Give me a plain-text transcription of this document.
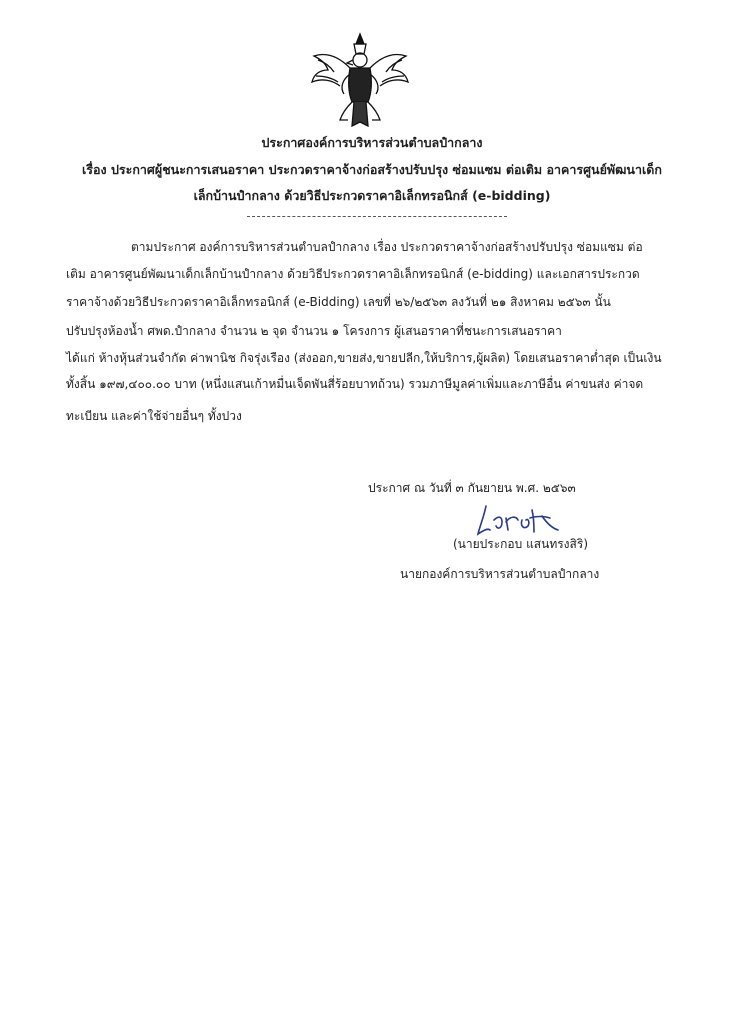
ประกาศองค์การบริหารส่วนตำบลปำกลาง
เรื่อง ประกาศผู้ชนะการเสนอราคา ประกวดราคาจ้างก่อสร้างปรับปรุง ซ่อมแซม ต่อเติม อาคารศูนย์พัฒนาเด็ก
เล็กบ้านปำกลาง ด้วยวิธีประกวดราคาอิเล็กทรอนิกส์ (e-bidding)
ตามประกาศ องค์การบริหารส่วนตำบลปำกลาง เรื่อง ประกวดราคาจ้างก่อสร้างปรับปรุง ซ่อมแซม ต่อ
เติม อาคารศูนย์พัฒนาเด็กเล็กบ้านปำกลาง ด้วยวิธีประกวดราคาอิเล็กทรอนิกส์ (e-bidding) และเอกสารประกวด
ราคาจ้างด้วยวิธีประกวดราคาอิเล็กทรอนิกส์ (e-Bidding) เลขที่ ๒๖/๒๕๖๓ ลงวันที่ ๒๑ สิงหาคม ๒๕๖๓ นั้น
ปรับปรุงห้องน้ำ ศพด.ปำกลาง จำนวน ๒ จุด จำนวน ๑ โครงการ ผู้เสนอราคาที่ชนะการเสนอราคา
ได้แก่ ห้างหุ้นส่วนจำกัด ค่าพานิช กิจรุ่งเรือง (ส่งออก,ขายส่ง,ขายปลีก,ให้บริการ,ผู้ผลิต) โดยเสนอราคาต่ำสุด เป็นเงิน
ทั้งสิ้น ๑๙๗,๔๐๐.๐๐ บาท (หนึ่งแสนเก้าหมื่นเจ็ดพันสี่ร้อยบาทถ้วน) รวมภาษีมูลค่าเพิ่มและภาษีอื่น ค่าขนส่ง ค่าจด
ทะเบียน และค่าใช้จ่ายอื่นๆ ทั้งปวง
ประกาศ ณ วันที่ ๓ กันยายน พ.ศ. ๒๕๖๓
(นายประกอบ แสนทรงสิริ)
นายกองค์การบริหารส่วนตำบลปำกลาง
